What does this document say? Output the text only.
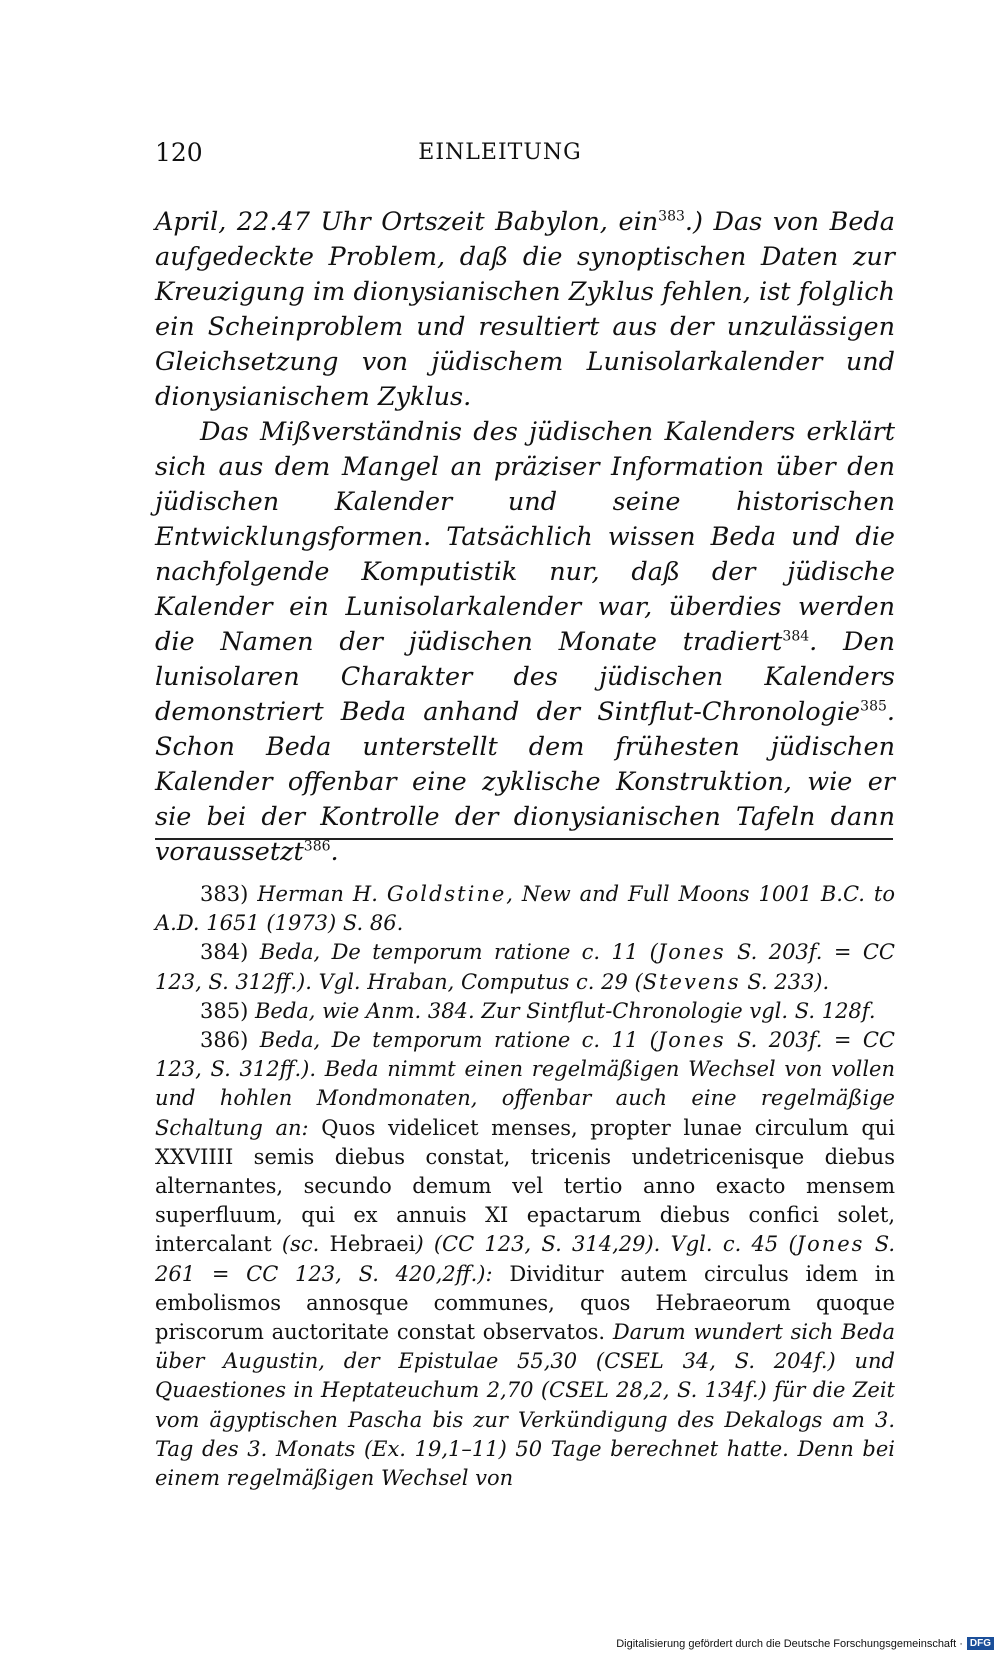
120	EINLEITUNG

April, 22.47 Uhr Ortszeit Babylon, ein$^{383}$.) Das von Beda aufgedeckte Problem, daß die synoptischen Daten zur Kreuzigung im dionysianischen Zyklus fehlen, ist folglich ein Scheinproblem und resultiert aus der unzulässigen Gleichsetzung von jüdischem Lunisolarkalender und dionysianischem Zyklus.

Das Mißverständnis des jüdischen Kalenders erklärt sich aus dem Mangel an präziser Information über den jüdischen Kalender und seine historischen Entwicklungsformen. Tatsächlich wissen Beda und die nachfolgende Komputistik nur, daß der jüdische Kalender ein Lunisolarkalender war, überdies werden die Namen der jüdischen Monate tradiert$^{384}$. Den lunisolaren Charakter des jüdischen Kalenders demonstriert Beda anhand der Sintflut-Chronologie$^{385}$. Schon Beda unterstellt dem frühesten jüdischen Kalender offenbar eine zyklische Konstruktion, wie er sie bei der Kontrolle der dionysianischen Tafeln dann voraussetzt$^{386}$.

383) Herman H. Goldstine, New and Full Moons 1001 B.C. to A.D. 1651 (1973) S. 86.

384) Beda, De temporum ratione c. 11 (Jones S. 203f. = CC 123, S. 312ff.). Vgl. Hraban, Computus c. 29 (Stevens S. 233).

385) Beda, wie Anm. 384. Zur Sintflut-Chronologie vgl. S. 128f.

386) Beda, De temporum ratione c. 11 (Jones S. 203f. = CC 123, S. 312ff.). Beda nimmt einen regelmäßigen Wechsel von vollen und hohlen Mondmonaten, offenbar auch eine regelmäßige Schaltung an: Quos videlicet menses, propter lunae circulum qui XXVIIII semis diebus constat, tricenis undetricenisque diebus alternantes, secundo demum vel tertio anno exacto mensem superfluum, qui ex annuis XI epactarum diebus confici solet, intercalant (sc. Hebraei) (CC 123, S. 314,29). Vgl. c. 45 (Jones S. 261 = CC 123, S. 420,2ff.): Dividitur autem circulus idem in embolismos annosque communes, quos Hebraeorum quoque priscorum auctoritate constat observatos. Darum wundert sich Beda über Augustin, der Epistulae 55,30 (CSEL 34, S. 204f.) und Quaestiones in Heptateuchum 2,70 (CSEL 28,2, S. 134f.) für die Zeit vom ägyptischen Pascha bis zur Verkündigung des Dekalogs am 3. Tag des 3. Monats (Ex. 19,1–11) 50 Tage berechnet hatte. Denn bei einem regelmäßigen Wechsel von

Digitalisierung gefördert durch die Deutsche Forschungsgemeinschaft · DFG
